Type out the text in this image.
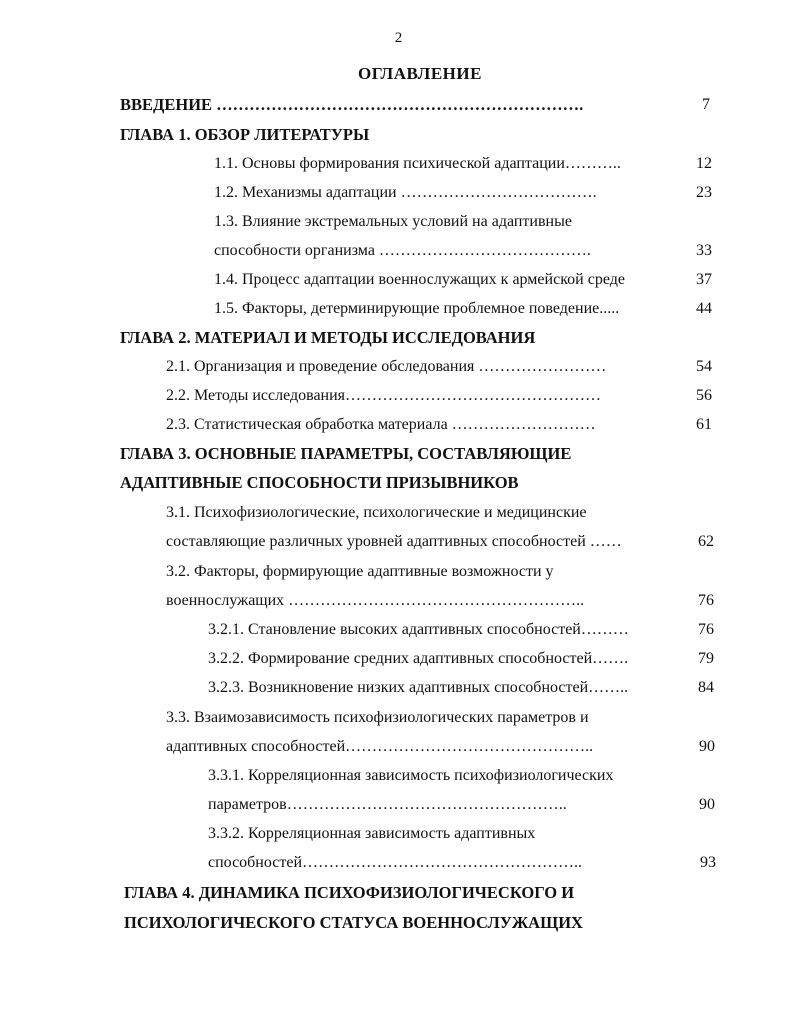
2
ОГЛАВЛЕНИЕ
ВВЕДЕНИЕ ………………………………………………………….	7
ГЛАВА 1. ОБЗОР ЛИТЕРАТУРЫ
1.1. Основы формирования психической адаптации………..	12
1.2. Механизмы адаптации ……………………………….	23
1.3. Влияние экстремальных условий на адаптивные
способности организма ………………………………….	33
1.4. Процесс адаптации военнослужащих к армейской среде	37
1.5. Факторы, детерминирующие проблемное поведение.....	44
ГЛАВА 2. МАТЕРИАЛ И МЕТОДЫ ИССЛЕДОВАНИЯ
2.1. Организация и проведение обследования ……………………	54
2.2. Методы исследования…………………………………………	56
2.3. Статистическая обработка материала ………………………	61
ГЛАВА 3. ОСНОВНЫЕ ПАРАМЕТРЫ, СОСТАВЛЯЮЩИЕ
АДАПТИВНЫЕ СПОСОБНОСТИ ПРИЗЫВНИКОВ
3.1. Психофизиологические, психологические и медицинские
составляющие различных уровней адаптивных способностей ……	62
3.2. Факторы, формирующие адаптивные возможности у
военнослужащих ………………………………………………..	76
3.2.1. Становление высоких адаптивных способностей………	76
3.2.2. Формирование средних адаптивных способностей…….	79
3.2.3. Возникновение низких адаптивных способностей……..	84
3.3. Взаимозависимость психофизиологических параметров и
адаптивных способностей………………………………………..	90
3.3.1. Корреляционная зависимость психофизиологических
параметров……………………………………………..	90
3.3.2. Корреляционная зависимость адаптивных
способностей……………………………………………..	93
ГЛАВА 4. ДИНАМИКА ПСИХОФИЗИОЛОГИЧЕСКОГО И
ПСИХОЛОГИЧЕСКОГО СТАТУСА ВОЕННОСЛУЖАЩИХ
